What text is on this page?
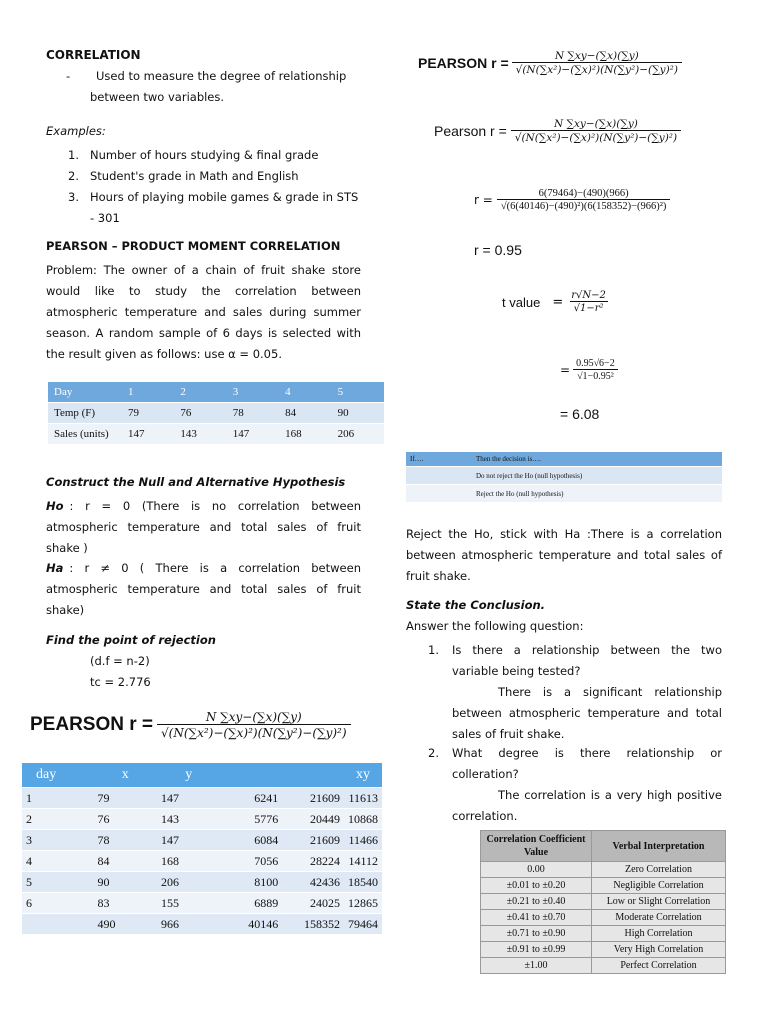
CORRELATION
- Used to measure the degree of relationship
between two variables.
Examples:
1. Number of hours studying & final grade
2. Student's grade in Math and English
3. Hours of playing mobile games & grade in STS
- 301
PEARSON – PRODUCT MOMENT CORRELATION
Problem: The owner of a chain of fruit shake store
would like to study the correlation between
atmospheric temperature and sales during summer
season. A random sample of 6 days is selected with
the result given as follows: use α = 0.05.
Day	1	2	3	4	5
Temp (F)	79	76	78	84	90
Sales (units)	147	143	147	168	206
Construct the Null and Alternative Hypothesis
Ho : r = 0 (There is no correlation between
atmospheric temperature and total sales of fruit
shake )
Ha : r ≠ 0 ( There is a correlation between
atmospheric temperature and total sales of fruit
shake)
Find the point of rejection
(d.f = n-2)
tc = 2.776
PEARSON $r = \frac{N \sum xy-(\sum x)(\sum y)}{\text{√(N(∑x²)−(∑x)²)(N(∑y²)−(∑y)²)}}$
day	x	y			xy
1	79	147	6241	21609	11613
2	76	143	5776	20449	10868
3	78	147	6084	21609	11466
4	84	168	7056	28224	14112
5	90	206	8100	42436	18540
6	83	155	6889	24025	12865
	490	966	40146	158352	79464
PEARSON $r = \frac{N \sum xy-(\sum x)(\sum y)}{\text{√(N(∑x²)−(∑x)²)(N(∑y²)−(∑y)²)}}$
Pearson $r = \frac{N \sum xy-(\sum x)(\sum y)}{\text{√(N(∑x²)−(∑x)²)(N(∑y²)−(∑y)²)}}$
$r = \frac{6(79464)-(490)(966)}{\text{√(6(40146)−(490)²)(6(158352)−(966)²)}}$
r = 0.95
t value = $\frac{r√N-2}{\text{√1−r²}}$
= $\frac{0.95√6-2}{\text{√1−0.95²}}$
= 6.08
If….	Then the decision is….
	Do not reject the Ho (null hypothesis)
	Reject the Ho (null hypothesis)
Reject the Ho, stick with Ha :There is a correlation
between atmospheric temperature and total sales of
fruit shake.
State the Conclusion.
Answer the following question:
1.	Is there a relationship between the two
variable being tested?
There is a significant relationship
between atmospheric temperature and total
sales of fruit shake.
2.	What degree is there relationship or
colleration?
The correlation is a very high positive
correlation.
Correlation Coefficient Value	Verbal Interpretation
0.00	Zero Correlation
±0.01 to ±0.20	Negligible Correlation
±0.21 to ±0.40	Low or Slight Correlation
±0.41 to ±0.70	Moderate Correlation
±0.71 to ±0.90	High Correlation
±0.91 to ±0.99	Very High Correlation
±1.00	Perfect Correlation
